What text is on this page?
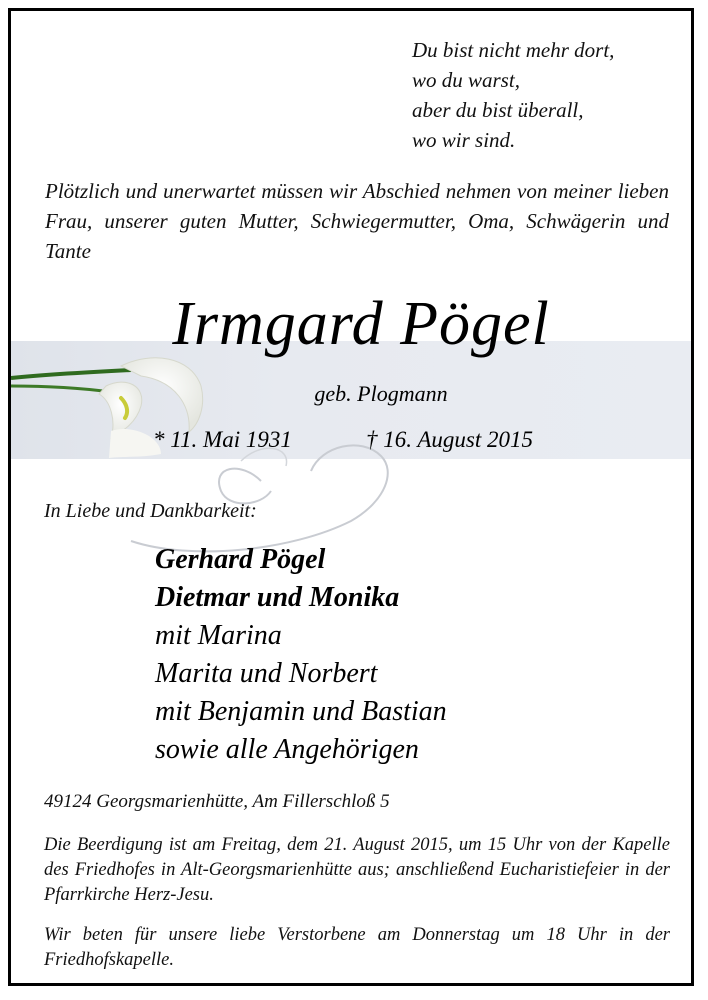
Du bist nicht mehr dort,
wo du warst,
aber du bist überall,
wo wir sind.
Plötzlich und unerwartet müssen wir Abschied nehmen von meiner lieben Frau, unserer guten Mutter, Schwiegermutter, Oma, Schwägerin und Tante
Irmgard Pögel
geb. Plogmann
* 11. Mai 1931	† 16. August 2015
In Liebe und Dankbarkeit:
Gerhard Pögel
Dietmar und Monika
mit Marina
Marita und Norbert
mit Benjamin und Bastian
sowie alle Angehörigen
49124 Georgsmarienhütte, Am Fillerschloß 5
Die Beerdigung ist am Freitag, dem 21. August 2015, um 15 Uhr von der Kapelle des Friedhofes in Alt-Georgsmarienhütte aus; anschließend Eucharistiefeier in der Pfarrkirche Herz-Jesu.
Wir beten für unsere liebe Verstorbene am Donnerstag um 18 Uhr in der Friedhofskapelle.
